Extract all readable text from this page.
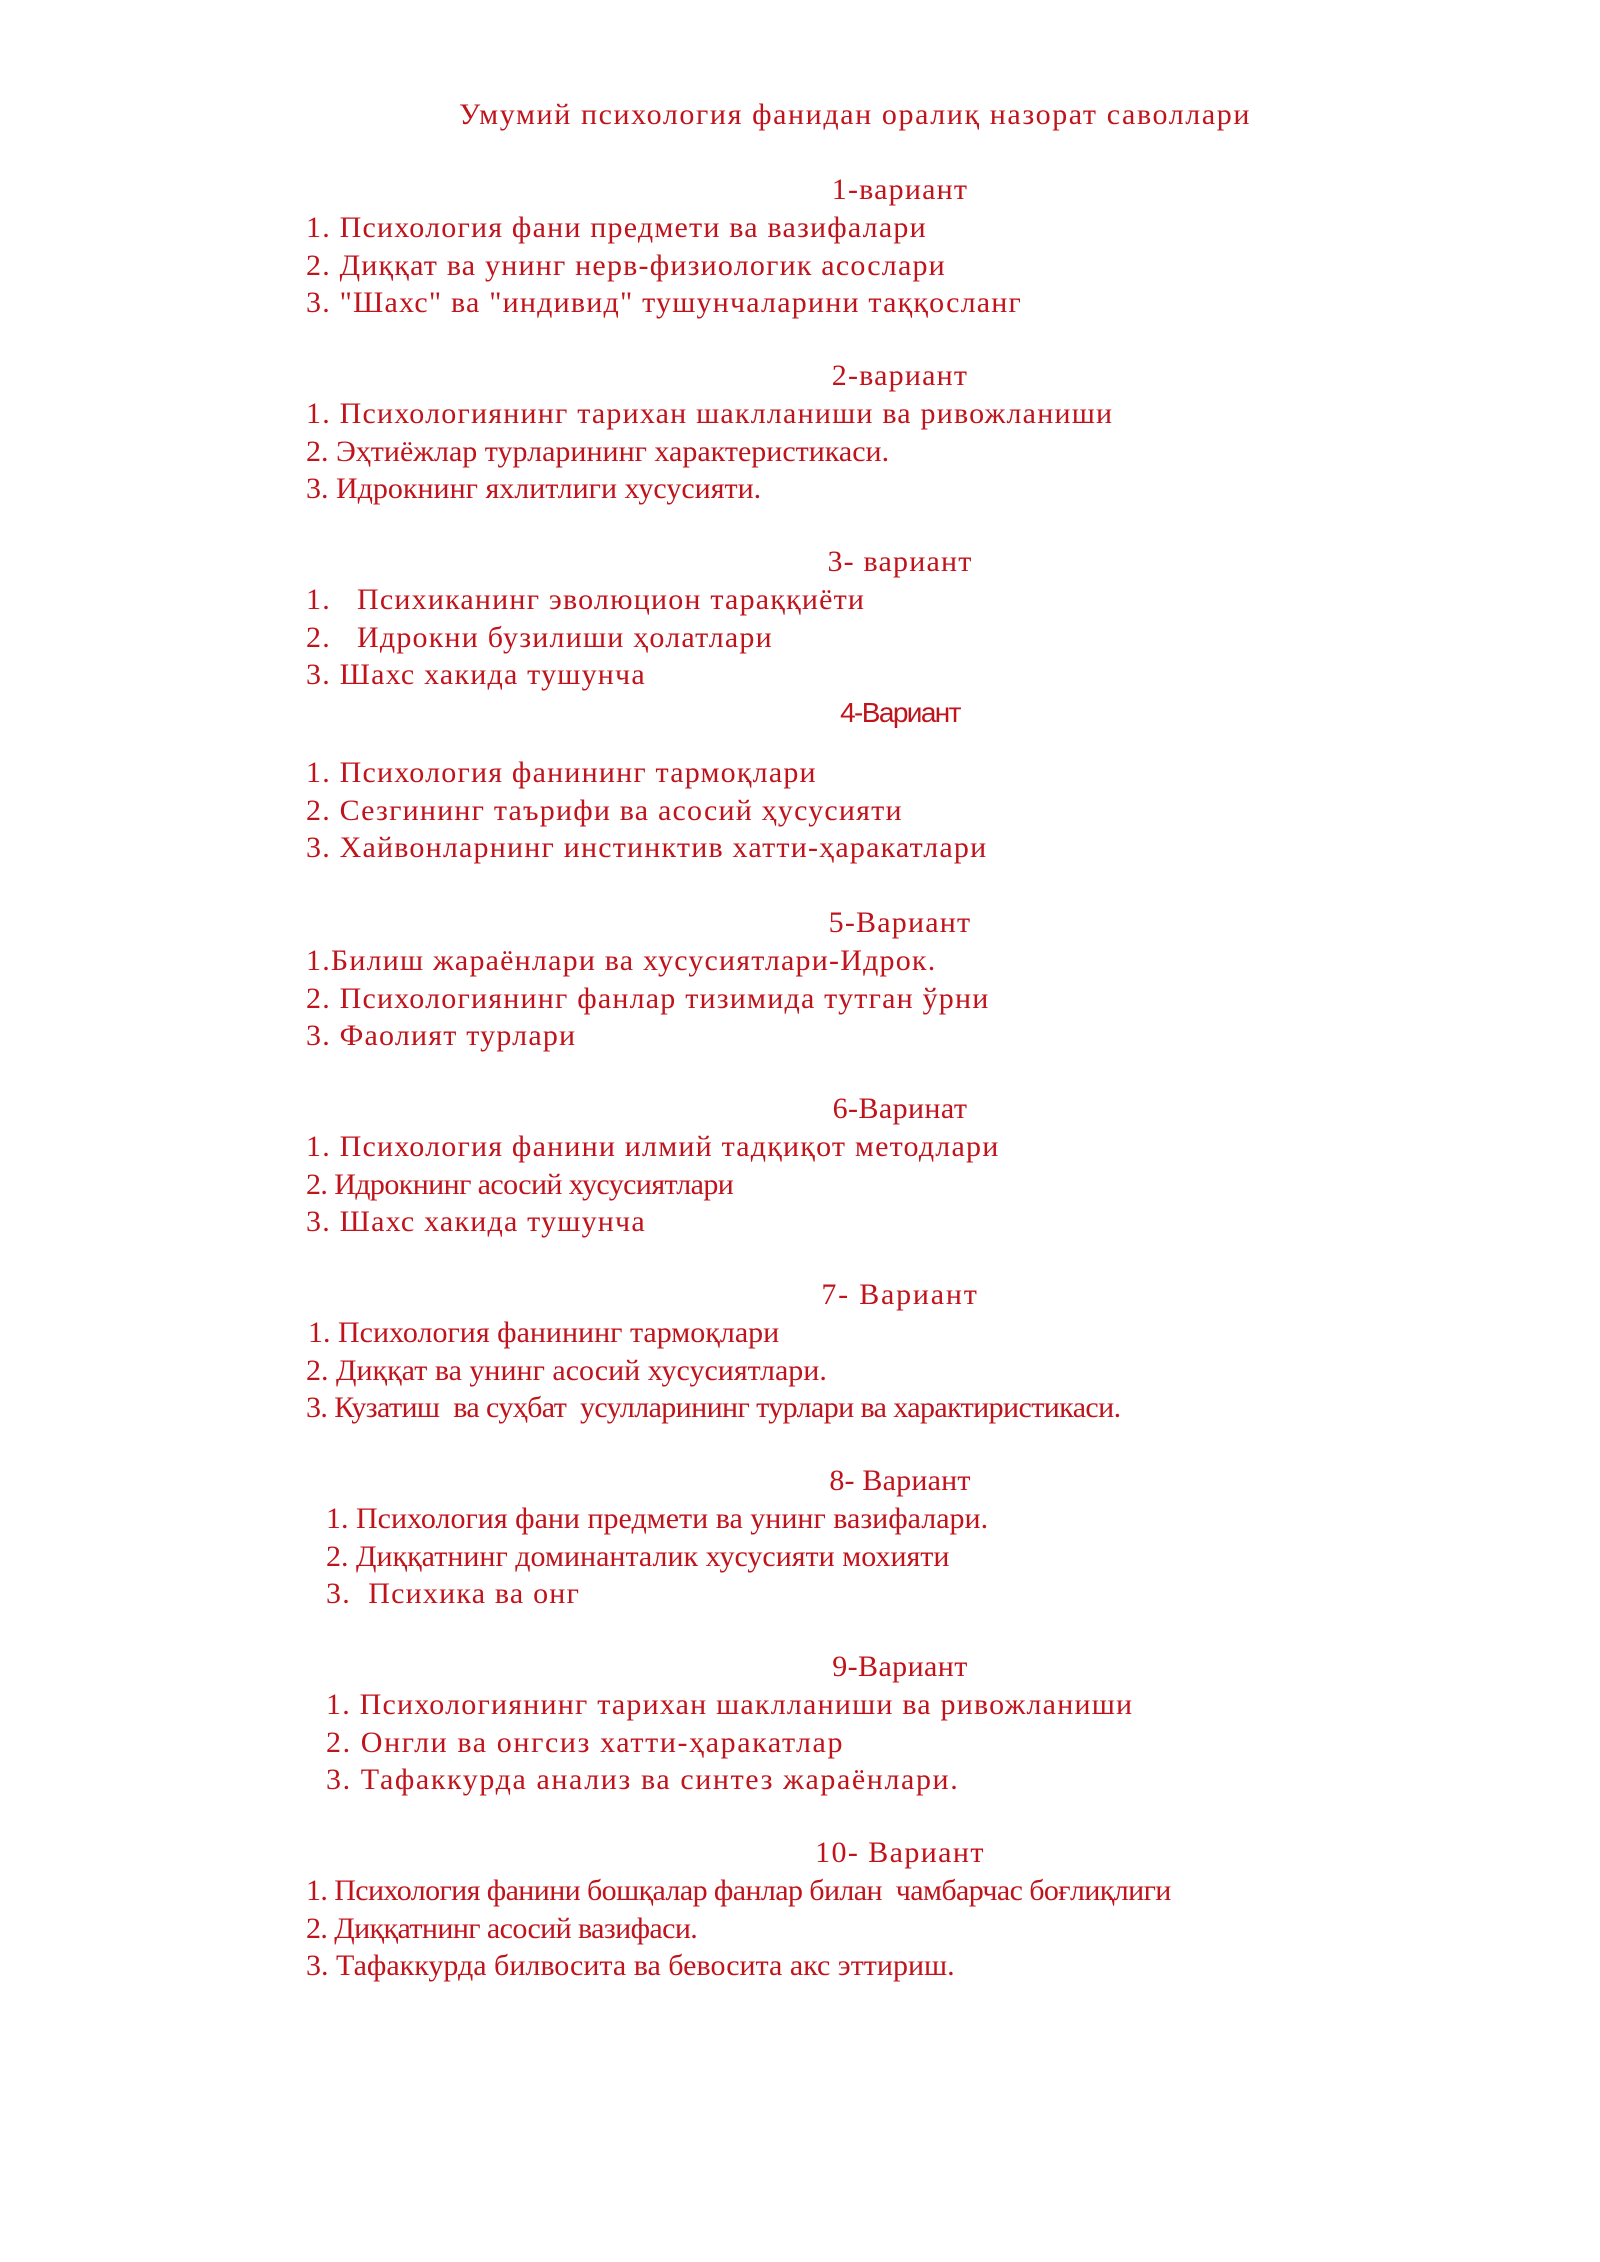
Умумий психология фанидан оралиқ назорат саволлари
1-вариант
1. Психология фани предмети ва вазифалари
2. Диққат ва унинг нерв-физиологик асослари
3. "Шахс" ва "индивид" тушунчаларини таққосланг
2-вариант
1. Психологиянинг тарихан шаклланиши ва ривожланиши
2. Эҳтиёжлар турларининг характеристикаси.
3. Идрокнинг яхлитлиги хусусияти.
3- вариант
1.   Психиканинг эволюцион тараққиёти
2.   Идрокни бузилиши ҳолатлари
3. Шахс хакида тушунча
4-Вариант
1. Психология фанининг тармоқлари
2. Сезгининг таърифи ва асосий ҳусусияти
3. Хайвонларнинг инстинктив хатти-ҳаракатлари
5-Вариант
1.Билиш жараёнлари ва хусусиятлари-Идрок.
2. Психологиянинг фанлар тизимида тутган ўрни
3. Фаолият турлари
6-Варинат
1. Психология фанини илмий тадқиқот методлари
2. Идрокнинг асосий хусусиятлари
3. Шахс хакида тушунча
7- Вариант
1. Психология фанининг тармоқлари
2. Диққат ва унинг асосий хусусиятлари.
3. Кузатиш  ва суҳбат  усулларининг турлари ва характиристикаси.
8- Вариант
1. Психология фани предмети ва унинг вазифалари.
2. Диққатнинг доминанталик хусусияти мохияти
3.  Психика ва онг
9-Вариант
1. Психологиянинг тарихан шаклланиши ва ривожланиши
2. Онгли ва онгсиз хатти-ҳаракатлар
3. Тафаккурда анализ ва синтез жараёнлари.
10- Вариант
1. Психология фанини бошқалар фанлар билан  чамбарчас боғлиқлиги
2. Диққатнинг асосий вазифаси.
3. Тафаккурда билвосита ва бевосита акс эттириш.
